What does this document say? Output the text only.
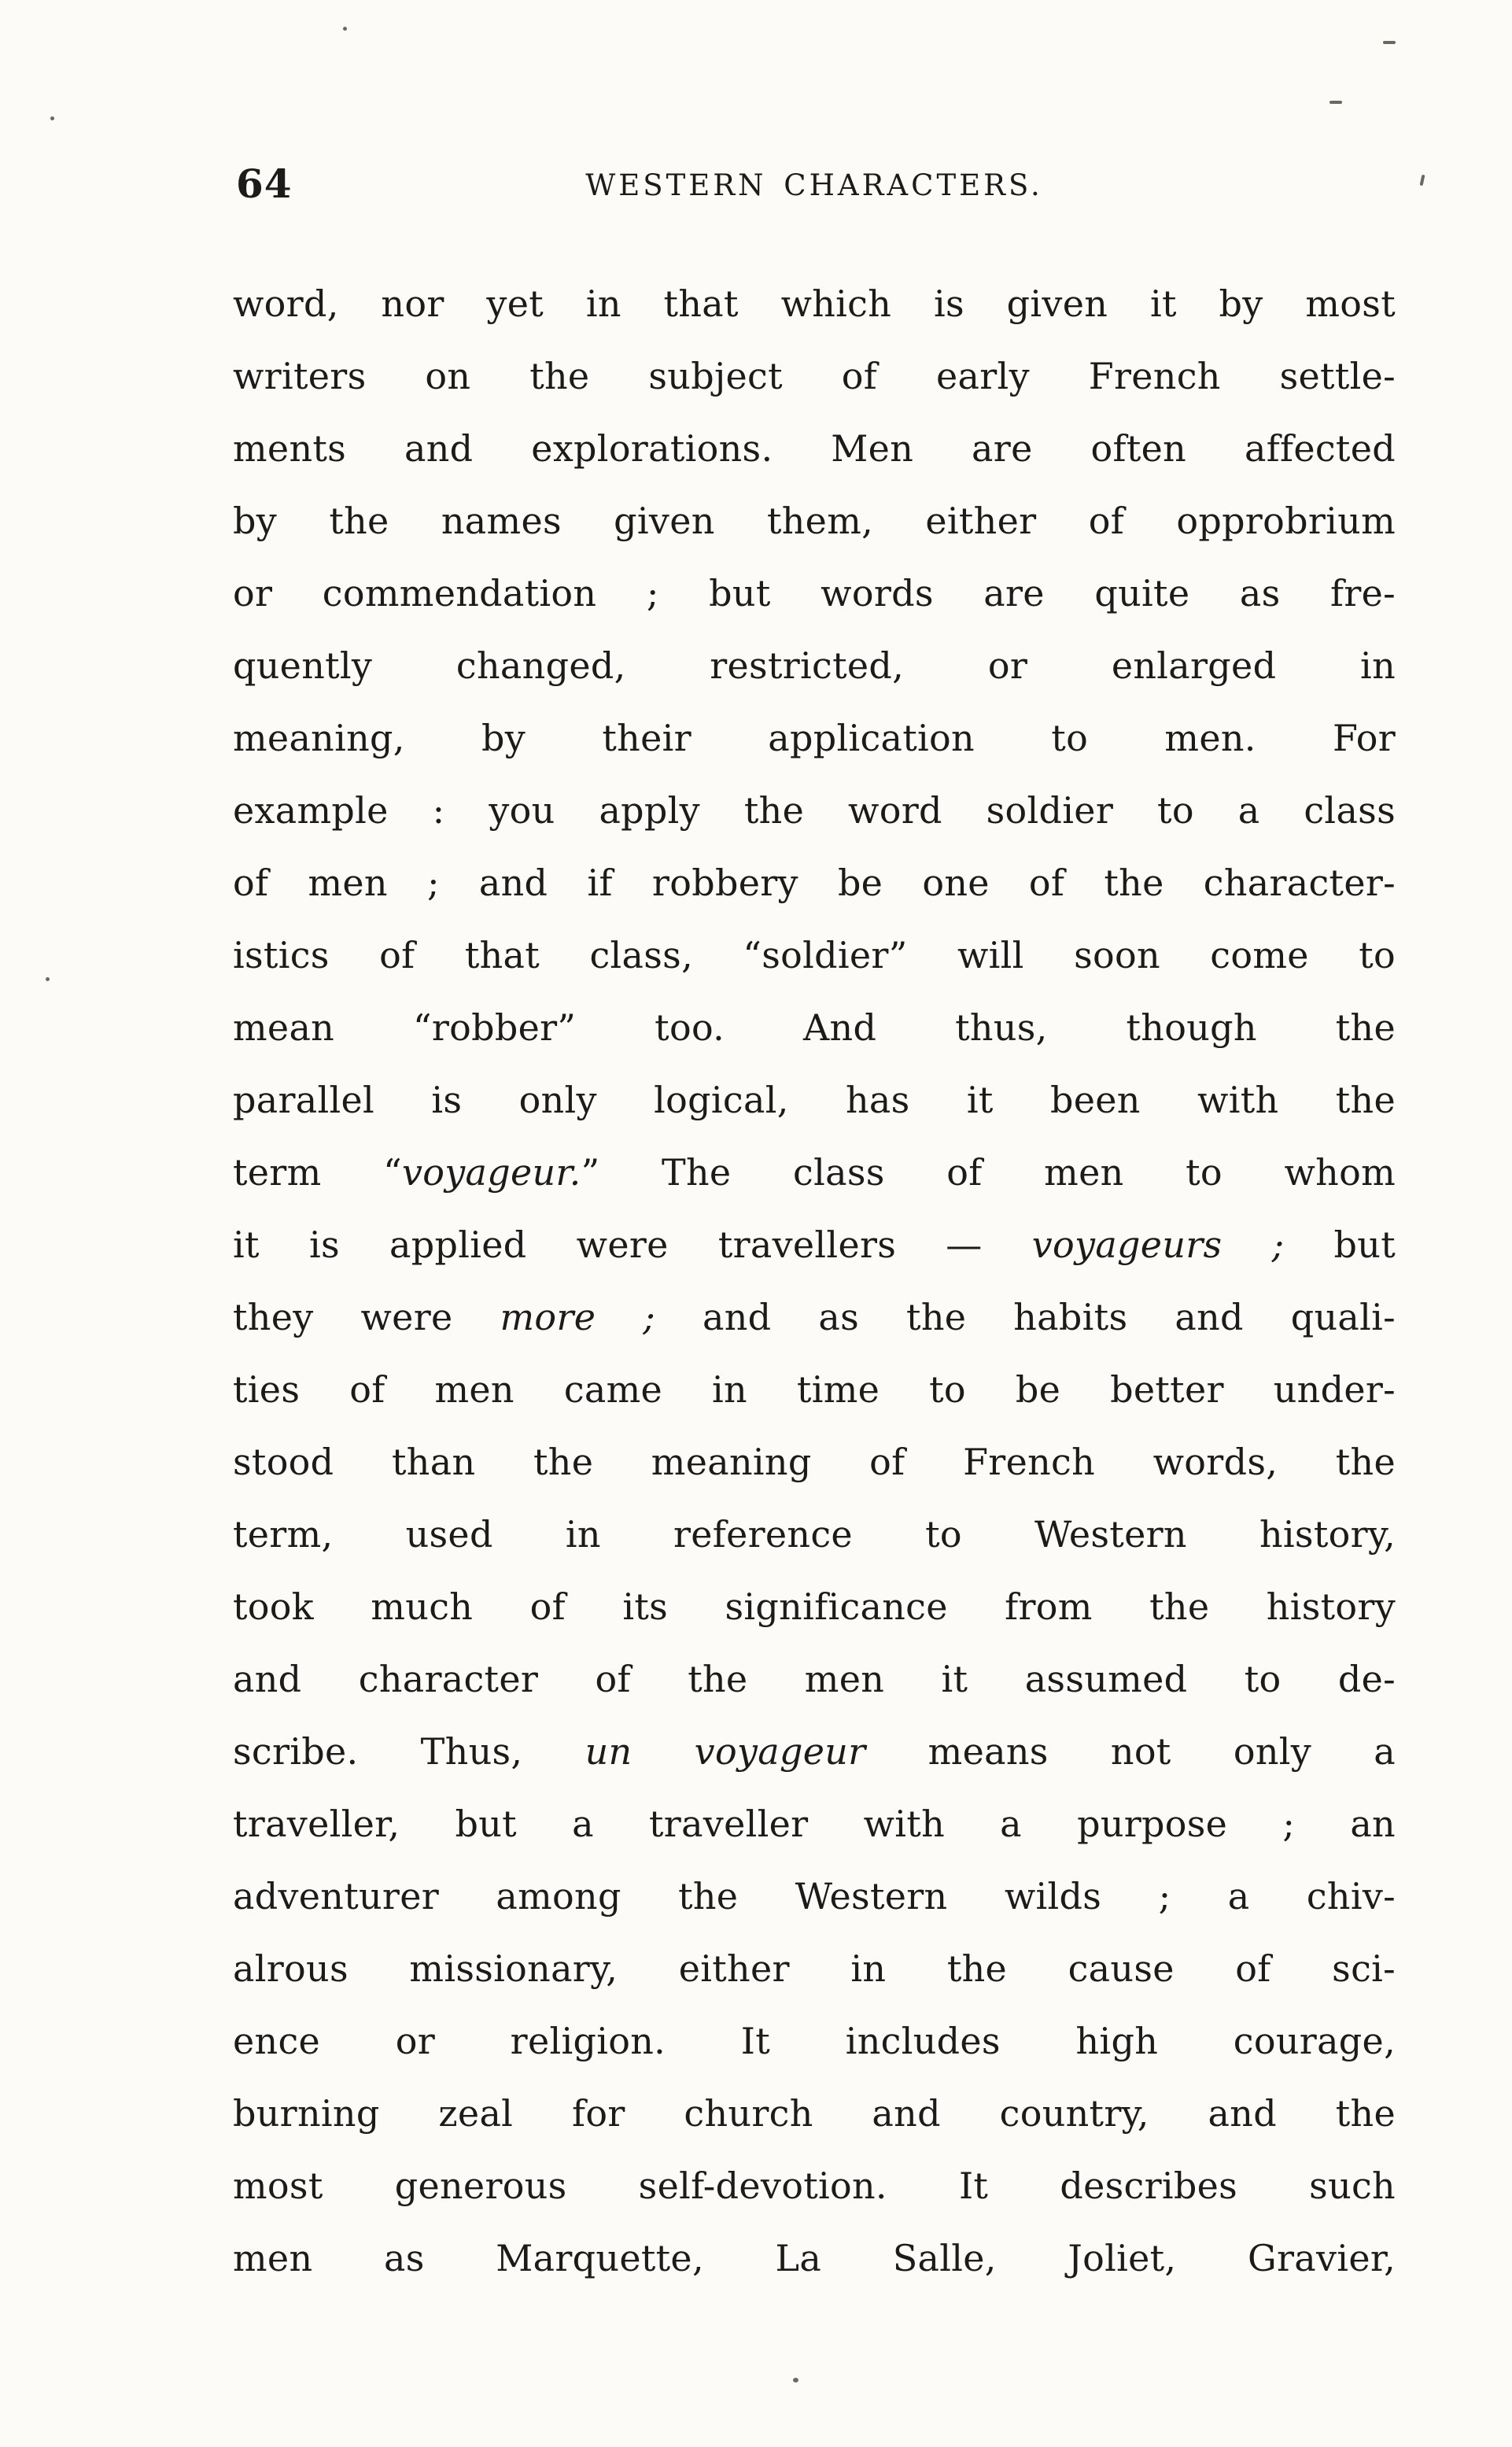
64	WESTERN CHARACTERS.
word, nor yet in that which is given it by most
writers on the subject of early French settle-
ments and explorations. Men are often affected
by the names given them, either of opprobrium
or commendation ; but words are quite as fre-
quently changed, restricted, or enlarged in
meaning, by their application to men. For
example : you apply the word soldier to a class
of men ; and if robbery be one of the character-
istics of that class, “soldier” will soon come to
mean “robber” too. And thus, though the
parallel is only logical, has it been with the
term “voyageur.” The class of men to whom
it is applied were travellers — voyageurs ; but
they were more ; and as the habits and quali-
ties of men came in time to be better under-
stood than the meaning of French words, the
term, used in reference to Western history,
took much of its significance from the history
and character of the men it assumed to de-
scribe. Thus, un voyageur means not only a
traveller, but a traveller with a purpose ; an
adventurer among the Western wilds ; a chiv-
alrous missionary, either in the cause of sci-
ence or religion. It includes high courage,
burning zeal for church and country, and the
most generous self-devotion. It describes such
men as Marquette, La Salle, Joliet, Gravier,
